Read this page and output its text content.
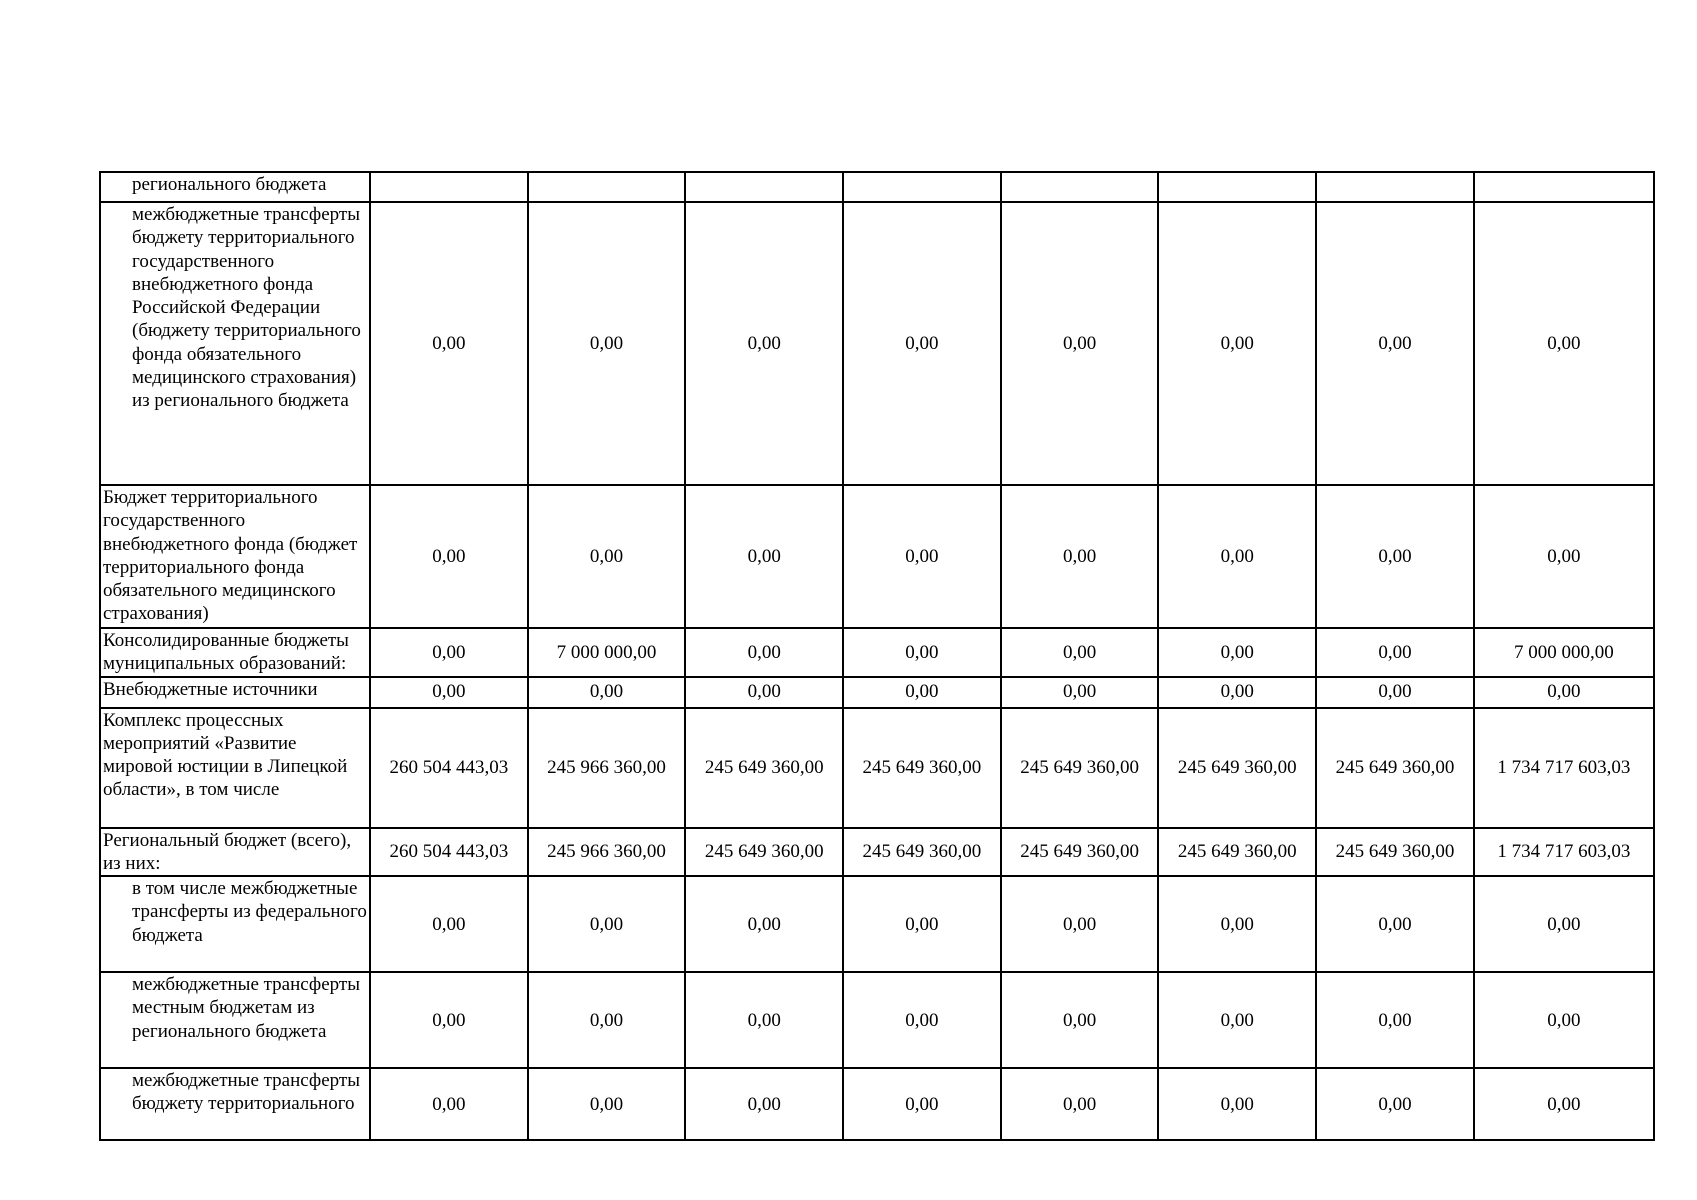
регионального бюджета								

межбюджетные трансферты бюджету территориального государственного внебюджетного фонда Российской Федерации (бюджету территориального фонда обязательного медицинского страхования) из регионального бюджета	0,00	0,00	0,00	0,00	0,00	0,00	0,00	0,00

Бюджет территориального государственного внебюджетного фонда (бюджет территориального фонда обязательного медицинского страхования)	0,00	0,00	0,00	0,00	0,00	0,00	0,00	0,00

Консолидированные бюджеты муниципальных образований:	0,00	7 000 000,00	0,00	0,00	0,00	0,00	0,00	7 000 000,00

Внебюджетные источники	0,00	0,00	0,00	0,00	0,00	0,00	0,00	0,00

Комплекс процессных мероприятий «Развитие мировой юстиции в Липецкой области», в том числе	260 504 443,03	245 966 360,00	245 649 360,00	245 649 360,00	245 649 360,00	245 649 360,00	245 649 360,00	1 734 717 603,03

Региональный бюджет (всего), из них:	260 504 443,03	245 966 360,00	245 649 360,00	245 649 360,00	245 649 360,00	245 649 360,00	245 649 360,00	1 734 717 603,03

в том числе межбюджетные трансферты из федерального бюджета	0,00	0,00	0,00	0,00	0,00	0,00	0,00	0,00

межбюджетные трансферты местным бюджетам из регионального бюджета	0,00	0,00	0,00	0,00	0,00	0,00	0,00	0,00

межбюджетные трансферты бюджету территориального	0,00	0,00	0,00	0,00	0,00	0,00	0,00	0,00
